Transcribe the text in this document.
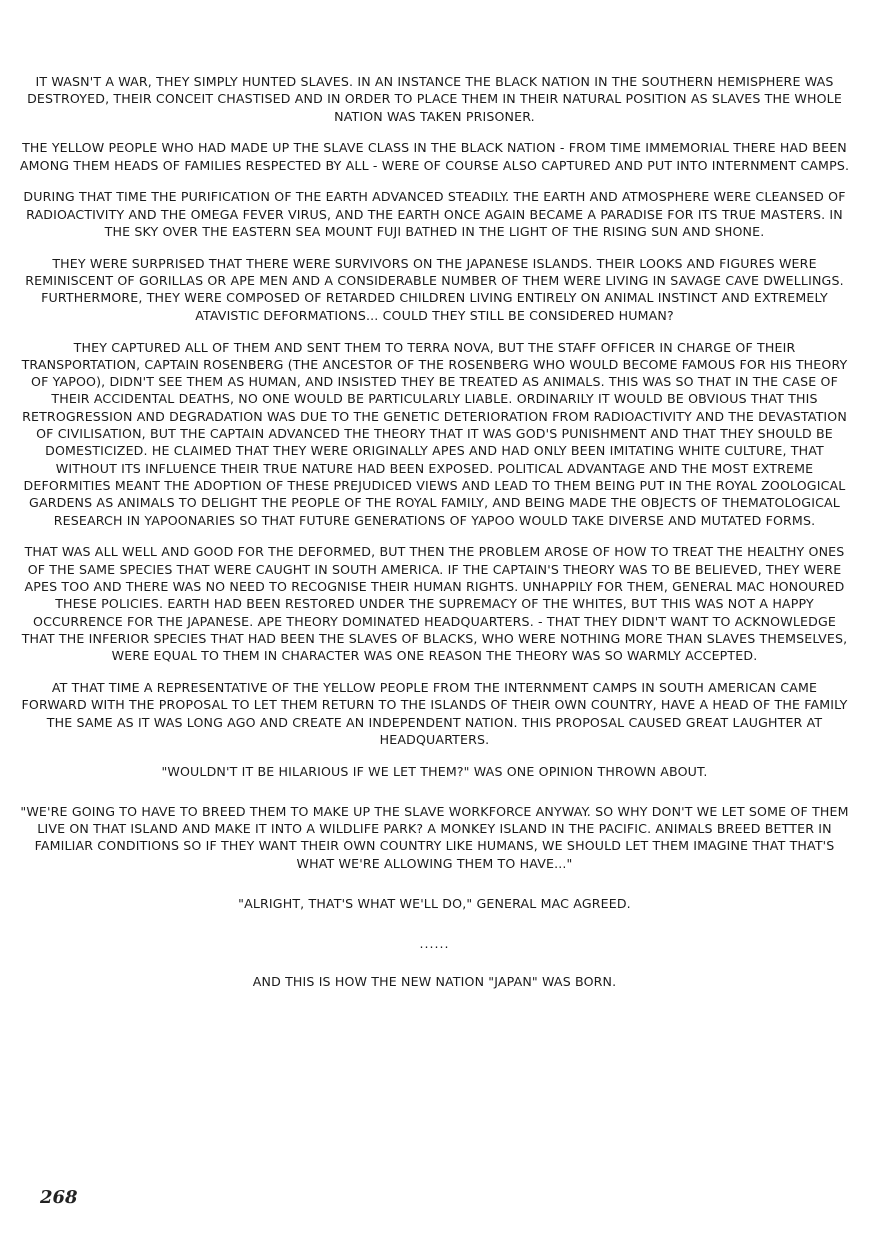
IT WASN'T A WAR, THEY SIMPLY HUNTED SLAVES. IN AN INSTANCE THE BLACK NATION IN THE SOUTHERN HEMISPHERE WAS DESTROYED, THEIR CONCEIT CHASTISED AND IN ORDER TO PLACE THEM IN THEIR NATURAL POSITION AS SLAVES THE WHOLE NATION WAS TAKEN PRISONER.

THE YELLOW PEOPLE WHO HAD MADE UP THE SLAVE CLASS IN THE BLACK NATION - FROM TIME IMMEMORIAL THERE HAD BEEN AMONG THEM HEADS OF FAMILIES RESPECTED BY ALL - WERE OF COURSE ALSO CAPTURED AND PUT INTO INTERNMENT CAMPS.

DURING THAT TIME THE PURIFICATION OF THE EARTH ADVANCED STEADILY. THE EARTH AND ATMOSPHERE WERE CLEANSED OF RADIOACTIVITY AND THE OMEGA FEVER VIRUS, AND THE EARTH ONCE AGAIN BECAME A PARADISE FOR ITS TRUE MASTERS. IN THE SKY OVER THE EASTERN SEA MOUNT FUJI BATHED IN THE LIGHT OF THE RISING SUN AND SHONE.

THEY WERE SURPRISED THAT THERE WERE SURVIVORS ON THE JAPANESE ISLANDS. THEIR LOOKS AND FIGURES WERE REMINISCENT OF GORILLAS OR APE MEN AND A CONSIDERABLE NUMBER OF THEM WERE LIVING IN SAVAGE CAVE DWELLINGS. FURTHERMORE, THEY WERE COMPOSED OF RETARDED CHILDREN LIVING ENTIRELY ON ANIMAL INSTINCT AND EXTREMELY ATAVISTIC DEFORMATIONS... COULD THEY STILL BE CONSIDERED HUMAN?

THEY CAPTURED ALL OF THEM AND SENT THEM TO TERRA NOVA, BUT THE STAFF OFFICER IN CHARGE OF THEIR TRANSPORTATION, CAPTAIN ROSENBERG (THE ANCESTOR OF THE ROSENBERG WHO WOULD BECOME FAMOUS FOR HIS THEORY OF YAPOO), DIDN'T SEE THEM AS HUMAN, AND INSISTED THEY BE TREATED AS ANIMALS. THIS WAS SO THAT IN THE CASE OF THEIR ACCIDENTAL DEATHS, NO ONE WOULD BE PARTICULARLY LIABLE. ORDINARILY IT WOULD BE OBVIOUS THAT THIS RETROGRESSION AND DEGRADATION WAS DUE TO THE GENETIC DETERIORATION FROM RADIOACTIVITY AND THE DEVASTATION OF CIVILISATION, BUT THE CAPTAIN ADVANCED THE THEORY THAT IT WAS GOD'S PUNISHMENT AND THAT THEY SHOULD BE DOMESTICIZED. HE CLAIMED THAT THEY WERE ORIGINALLY APES AND HAD ONLY BEEN IMITATING WHITE CULTURE, THAT WITHOUT ITS INFLUENCE THEIR TRUE NATURE HAD BEEN EXPOSED. POLITICAL ADVANTAGE AND THE MOST EXTREME DEFORMITIES MEANT THE ADOPTION OF THESE PREJUDICED VIEWS AND LEAD TO THEM BEING PUT IN THE ROYAL ZOOLOGICAL GARDENS AS ANIMALS TO DELIGHT THE PEOPLE OF THE ROYAL FAMILY, AND BEING MADE THE OBJECTS OF THEMATOLOGICAL RESEARCH IN YAPOONARIES SO THAT FUTURE GENERATIONS OF YAPOO WOULD TAKE DIVERSE AND MUTATED FORMS.

THAT WAS ALL WELL AND GOOD FOR THE DEFORMED, BUT THEN THE PROBLEM AROSE OF HOW TO TREAT THE HEALTHY ONES OF THE SAME SPECIES THAT WERE CAUGHT IN SOUTH AMERICA. IF THE CAPTAIN'S THEORY WAS TO BE BELIEVED, THEY WERE APES TOO AND THERE WAS NO NEED TO RECOGNISE THEIR HUMAN RIGHTS. UNHAPPILY FOR THEM, GENERAL MAC HONOURED THESE POLICIES. EARTH HAD BEEN RESTORED UNDER THE SUPREMACY OF THE WHITES, BUT THIS WAS NOT A HAPPY OCCURRENCE FOR THE JAPANESE. APE THEORY DOMINATED HEADQUARTERS. - THAT THEY DIDN'T WANT TO ACKNOWLEDGE THAT THE INFERIOR SPECIES THAT HAD BEEN THE SLAVES OF BLACKS, WHO WERE NOTHING MORE THAN SLAVES THEMSELVES, WERE EQUAL TO THEM IN CHARACTER WAS ONE REASON THE THEORY WAS SO WARMLY ACCEPTED.

AT THAT TIME A REPRESENTATIVE OF THE YELLOW PEOPLE FROM THE INTERNMENT CAMPS IN SOUTH AMERICAN CAME FORWARD WITH THE PROPOSAL TO LET THEM RETURN TO THE ISLANDS OF THEIR OWN COUNTRY, HAVE A HEAD OF THE FAMILY THE SAME AS IT WAS LONG AGO AND CREATE AN INDEPENDENT NATION. THIS PROPOSAL CAUSED GREAT LAUGHTER AT HEADQUARTERS.

"WOULDN'T IT BE HILARIOUS IF WE LET THEM?" WAS ONE OPINION THROWN ABOUT.

"WE'RE GOING TO HAVE TO BREED THEM TO MAKE UP THE SLAVE WORKFORCE ANYWAY. SO WHY DON'T WE LET SOME OF THEM LIVE ON THAT ISLAND AND MAKE IT INTO A WILDLIFE PARK? A MONKEY ISLAND IN THE PACIFIC. ANIMALS BREED BETTER IN FAMILIAR CONDITIONS SO IF THEY WANT THEIR OWN COUNTRY LIKE HUMANS, WE SHOULD LET THEM IMAGINE THAT THAT'S WHAT WE'RE ALLOWING THEM TO HAVE..."

"ALRIGHT, THAT'S WHAT WE'LL DO," GENERAL MAC AGREED.

......

AND THIS IS HOW THE NEW NATION "JAPAN" WAS BORN.

268
